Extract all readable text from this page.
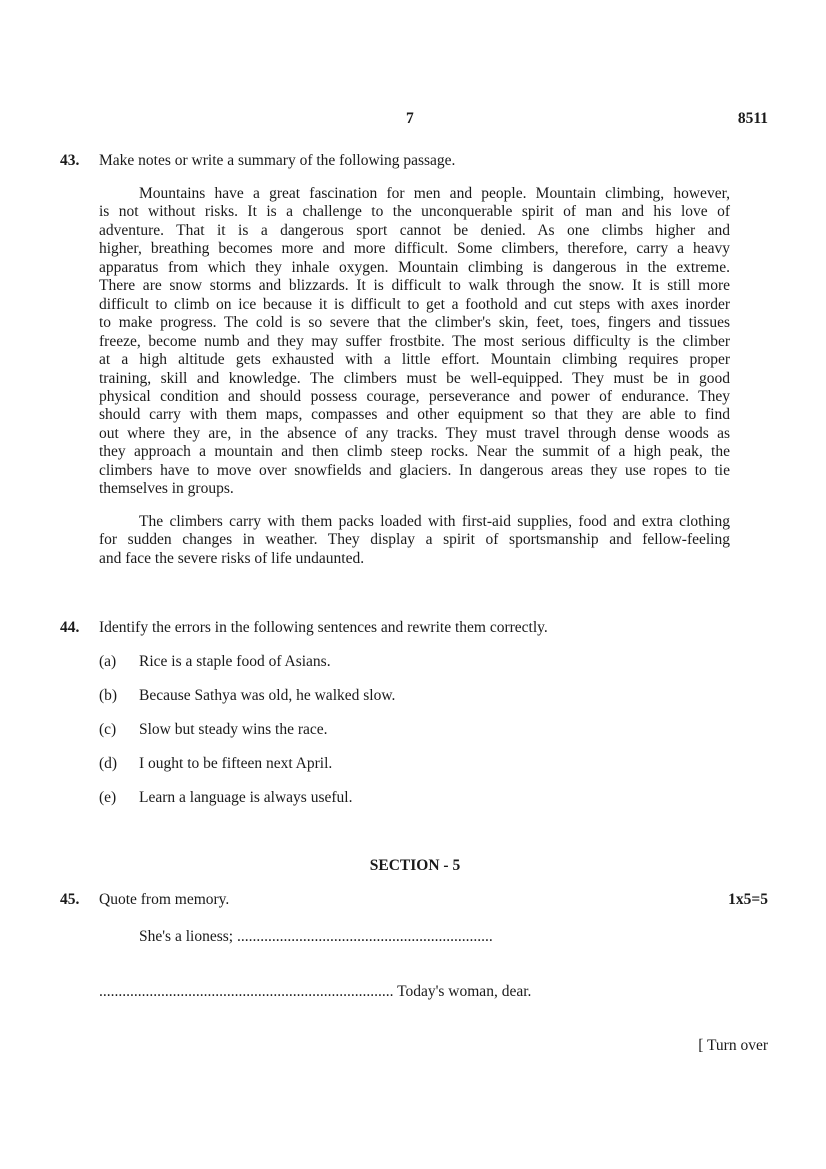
7	8511
43. Make notes or write a summary of the following passage.
44. Identify the errors in the following sentences and rewrite them correctly.
SECTION - 5
45. Quote from memory.	1x5=5
She's a lioness; ..................................................................
............................................................................ Today's woman, dear.
[ Turn over
Mountains have a great fascination for men and people. Mountain climbing, however,
is not without risks. It is a challenge to the unconquerable spirit of man and his love of
adventure. That it is a dangerous sport cannot be denied. As one climbs higher and
higher, breathing becomes more and more difficult. Some climbers, therefore, carry a heavy
apparatus from which they inhale oxygen. Mountain climbing is dangerous in the extreme.
There are snow storms and blizzards. It is difficult to walk through the snow. It is still more
difficult to climb on ice because it is difficult to get a foothold and cut steps with axes inorder
to make progress. The cold is so severe that the climber's skin, feet, toes, fingers and tissues
freeze, become numb and they may suffer frostbite. The most serious difficulty is the climber
at a high altitude gets exhausted with a little effort. Mountain climbing requires proper
training, skill and knowledge. The climbers must be well-equipped. They must be in good
physical condition and should possess courage, perseverance and power of endurance. They
should carry with them maps, compasses and other equipment so that they are able to find
out where they are, in the absence of any tracks. They must travel through dense woods as
they approach a mountain and then climb steep rocks. Near the summit of a high peak, the
climbers have to move over snowfields and glaciers. In dangerous areas they use ropes to tie
themselves in groups.
The climbers carry with them packs loaded with first-aid supplies, food and extra clothing
for sudden changes in weather. They display a spirit of sportsmanship and fellow-feeling
and face the severe risks of life undaunted.
(a) Rice is a staple food of Asians.
(b) Because Sathya was old, he walked slow.
(c) Slow but steady wins the race.
(d) I ought to be fifteen next April.
(e) Learn a language is always useful.
